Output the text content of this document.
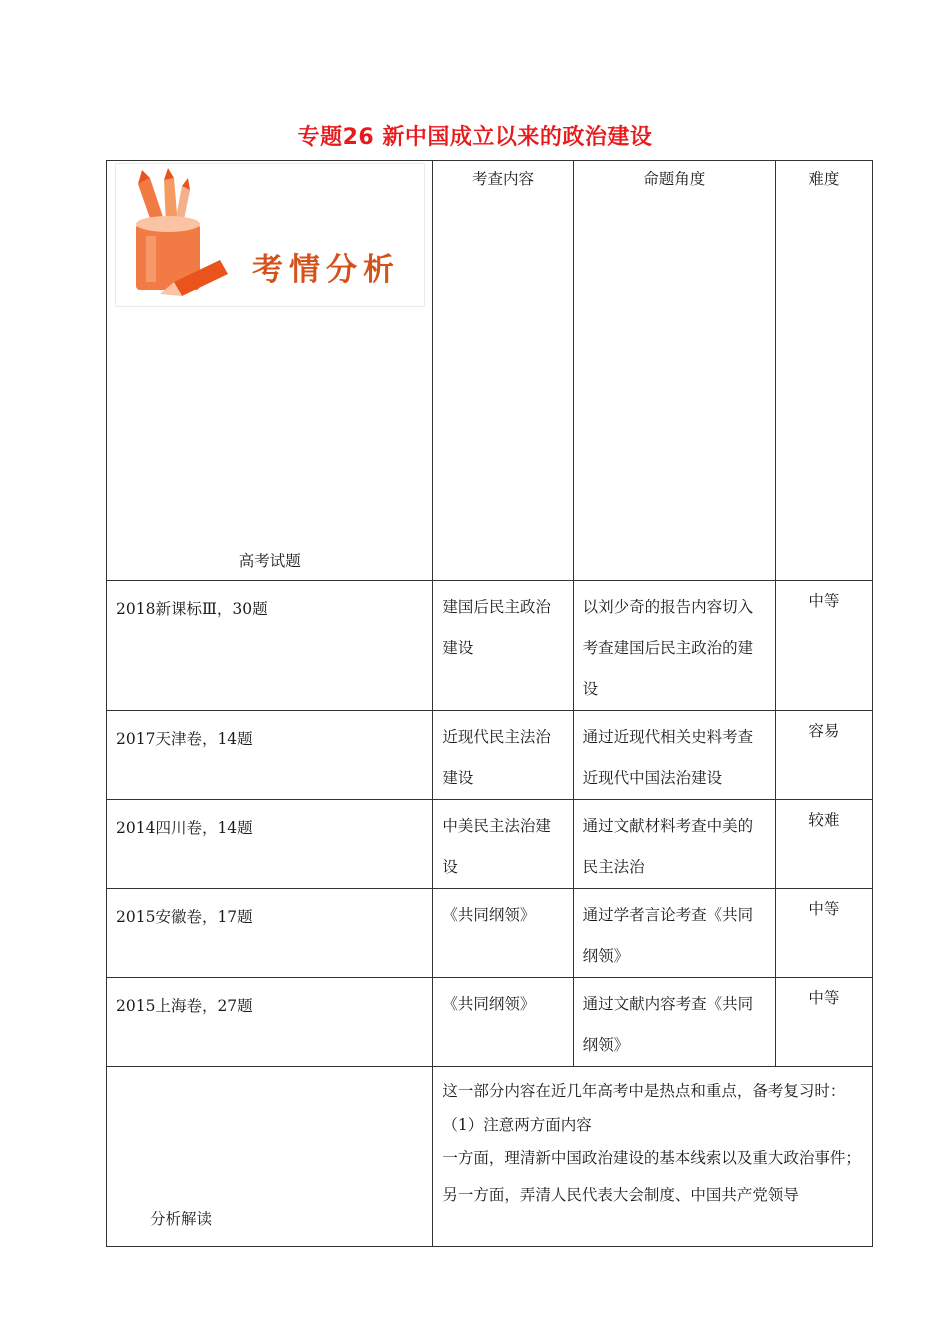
专题26 新中国成立以来的政治建设
考情分析
高考试题	考查内容	命题角度	难度
2018新课标Ⅲ，30题	建国后民主政治建设	以刘少奇的报告内容切入考查建国后民主政治的建设	中等
2017天津卷，14题	近现代民主法治建设	通过近现代相关史料考查近现代中国法治建设	容易
2014四川卷，14题	中美民主法治建设	通过文献材料考查中美的民主法治	较难
2015安徽卷，17题	《共同纲领》	通过学者言论考查《共同纲领》	中等
2015上海卷，27题	《共同纲领》	通过文献内容考查《共同纲领》	中等

分析解读	这一部分内容在近几年高考中是热点和重点，备考复习时：
（1）注意两方面内容
一方面，理清新中国政治建设的基本线索以及重大政治事件；另一方面，弄清人民代表大会制度、中国共产党领导		
